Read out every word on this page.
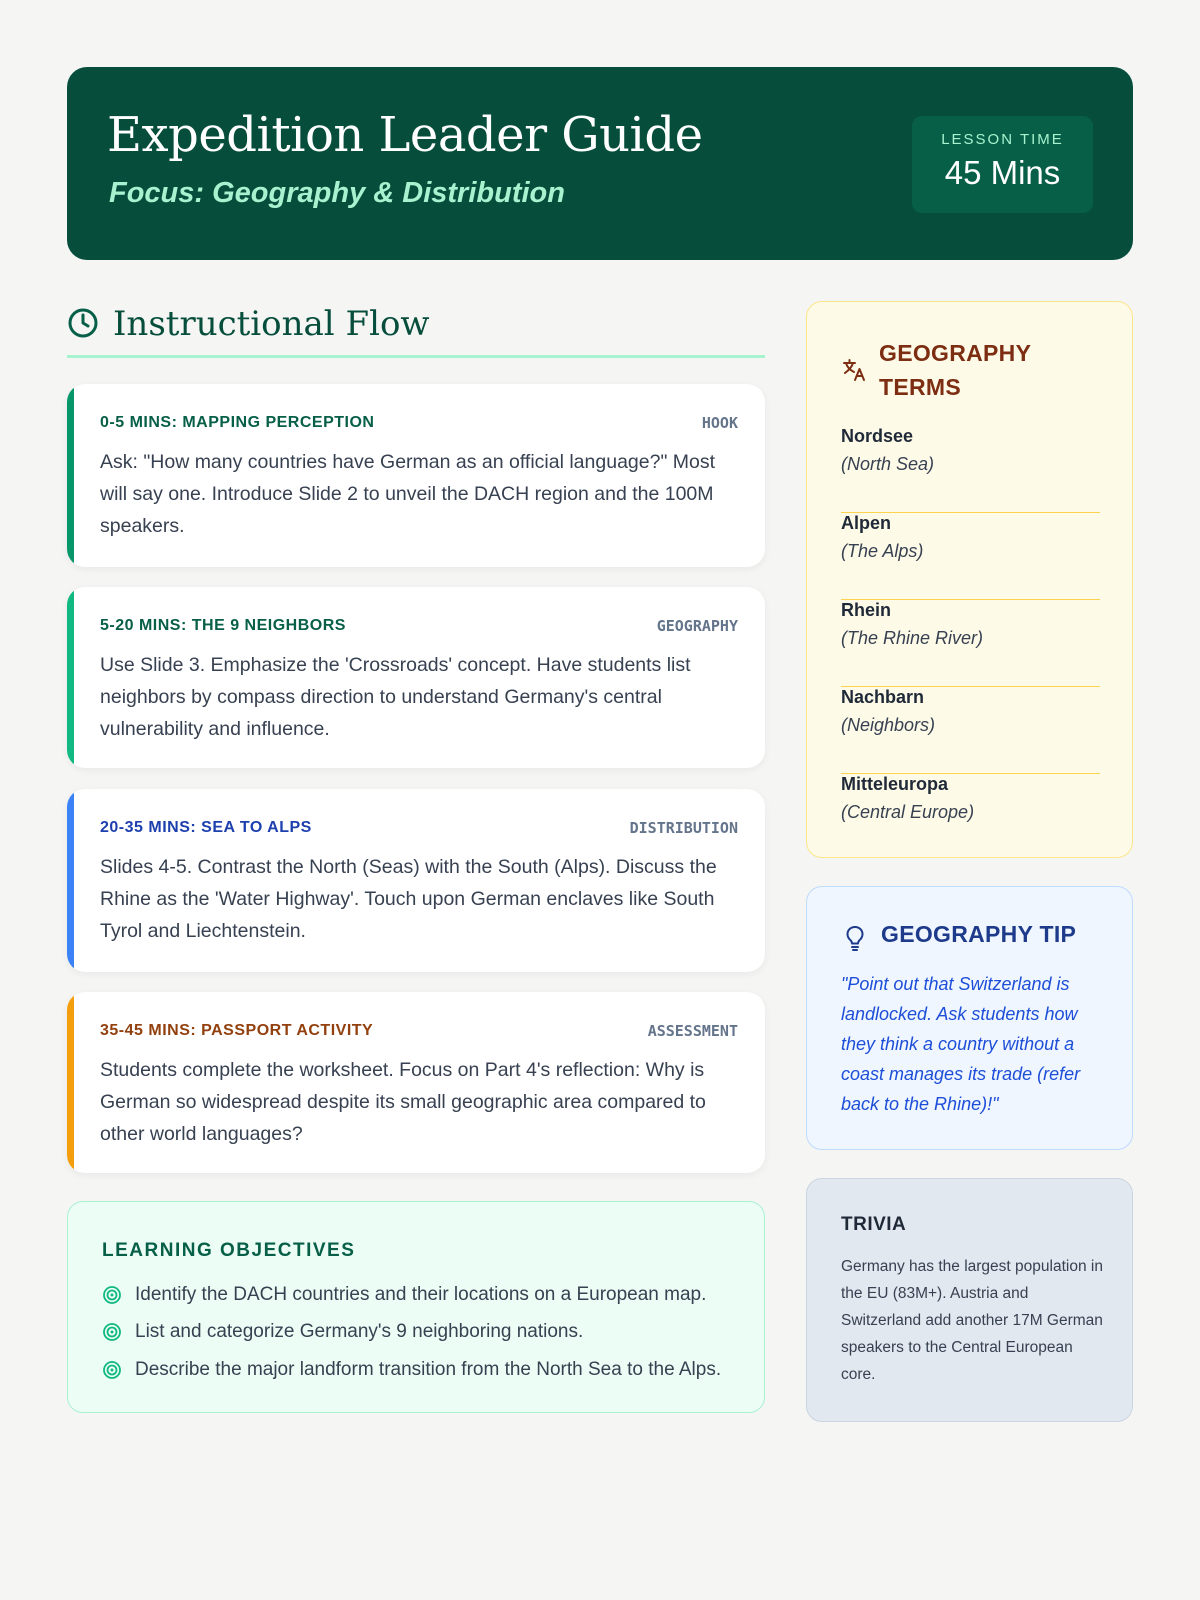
Expedition Leader Guide
Focus: Geography & Distribution
LESSON TIME
45 Mins
Instructional Flow
0-5 MINS: MAPPING PERCEPTION	HOOK
Ask: "How many countries have German as an official language?" Most will say one. Introduce Slide 2 to unveil the DACH region and the 100M speakers.
5-20 MINS: THE 9 NEIGHBORS	GEOGRAPHY
Use Slide 3. Emphasize the 'Crossroads' concept. Have students list neighbors by compass direction to understand Germany's central vulnerability and influence.
20-35 MINS: SEA TO ALPS	DISTRIBUTION
Slides 4-5. Contrast the North (Seas) with the South (Alps). Discuss the Rhine as the 'Water Highway'. Touch upon German enclaves like South Tyrol and Liechtenstein.
35-45 MINS: PASSPORT ACTIVITY	ASSESSMENT
Students complete the worksheet. Focus on Part 4's reflection: Why is German so widespread despite its small geographic area compared to other world languages?
LEARNING OBJECTIVES
Identify the DACH countries and their locations on a European map.
List and categorize Germany's 9 neighboring nations.
Describe the major landform transition from the North Sea to the Alps.
GEOGRAPHY
TERMS
Nordsee
(North Sea)
Alpen
(The Alps)
Rhein
(The Rhine River)
Nachbarn
(Neighbors)
Mitteleuropa
(Central Europe)
GEOGRAPHY TIP
"Point out that Switzerland is landlocked. Ask students how they think a country without a coast manages its trade (refer back to the Rhine)!"
TRIVIA
Germany has the largest population in the EU (83M+). Austria and Switzerland add another 17M German speakers to the Central European core.
